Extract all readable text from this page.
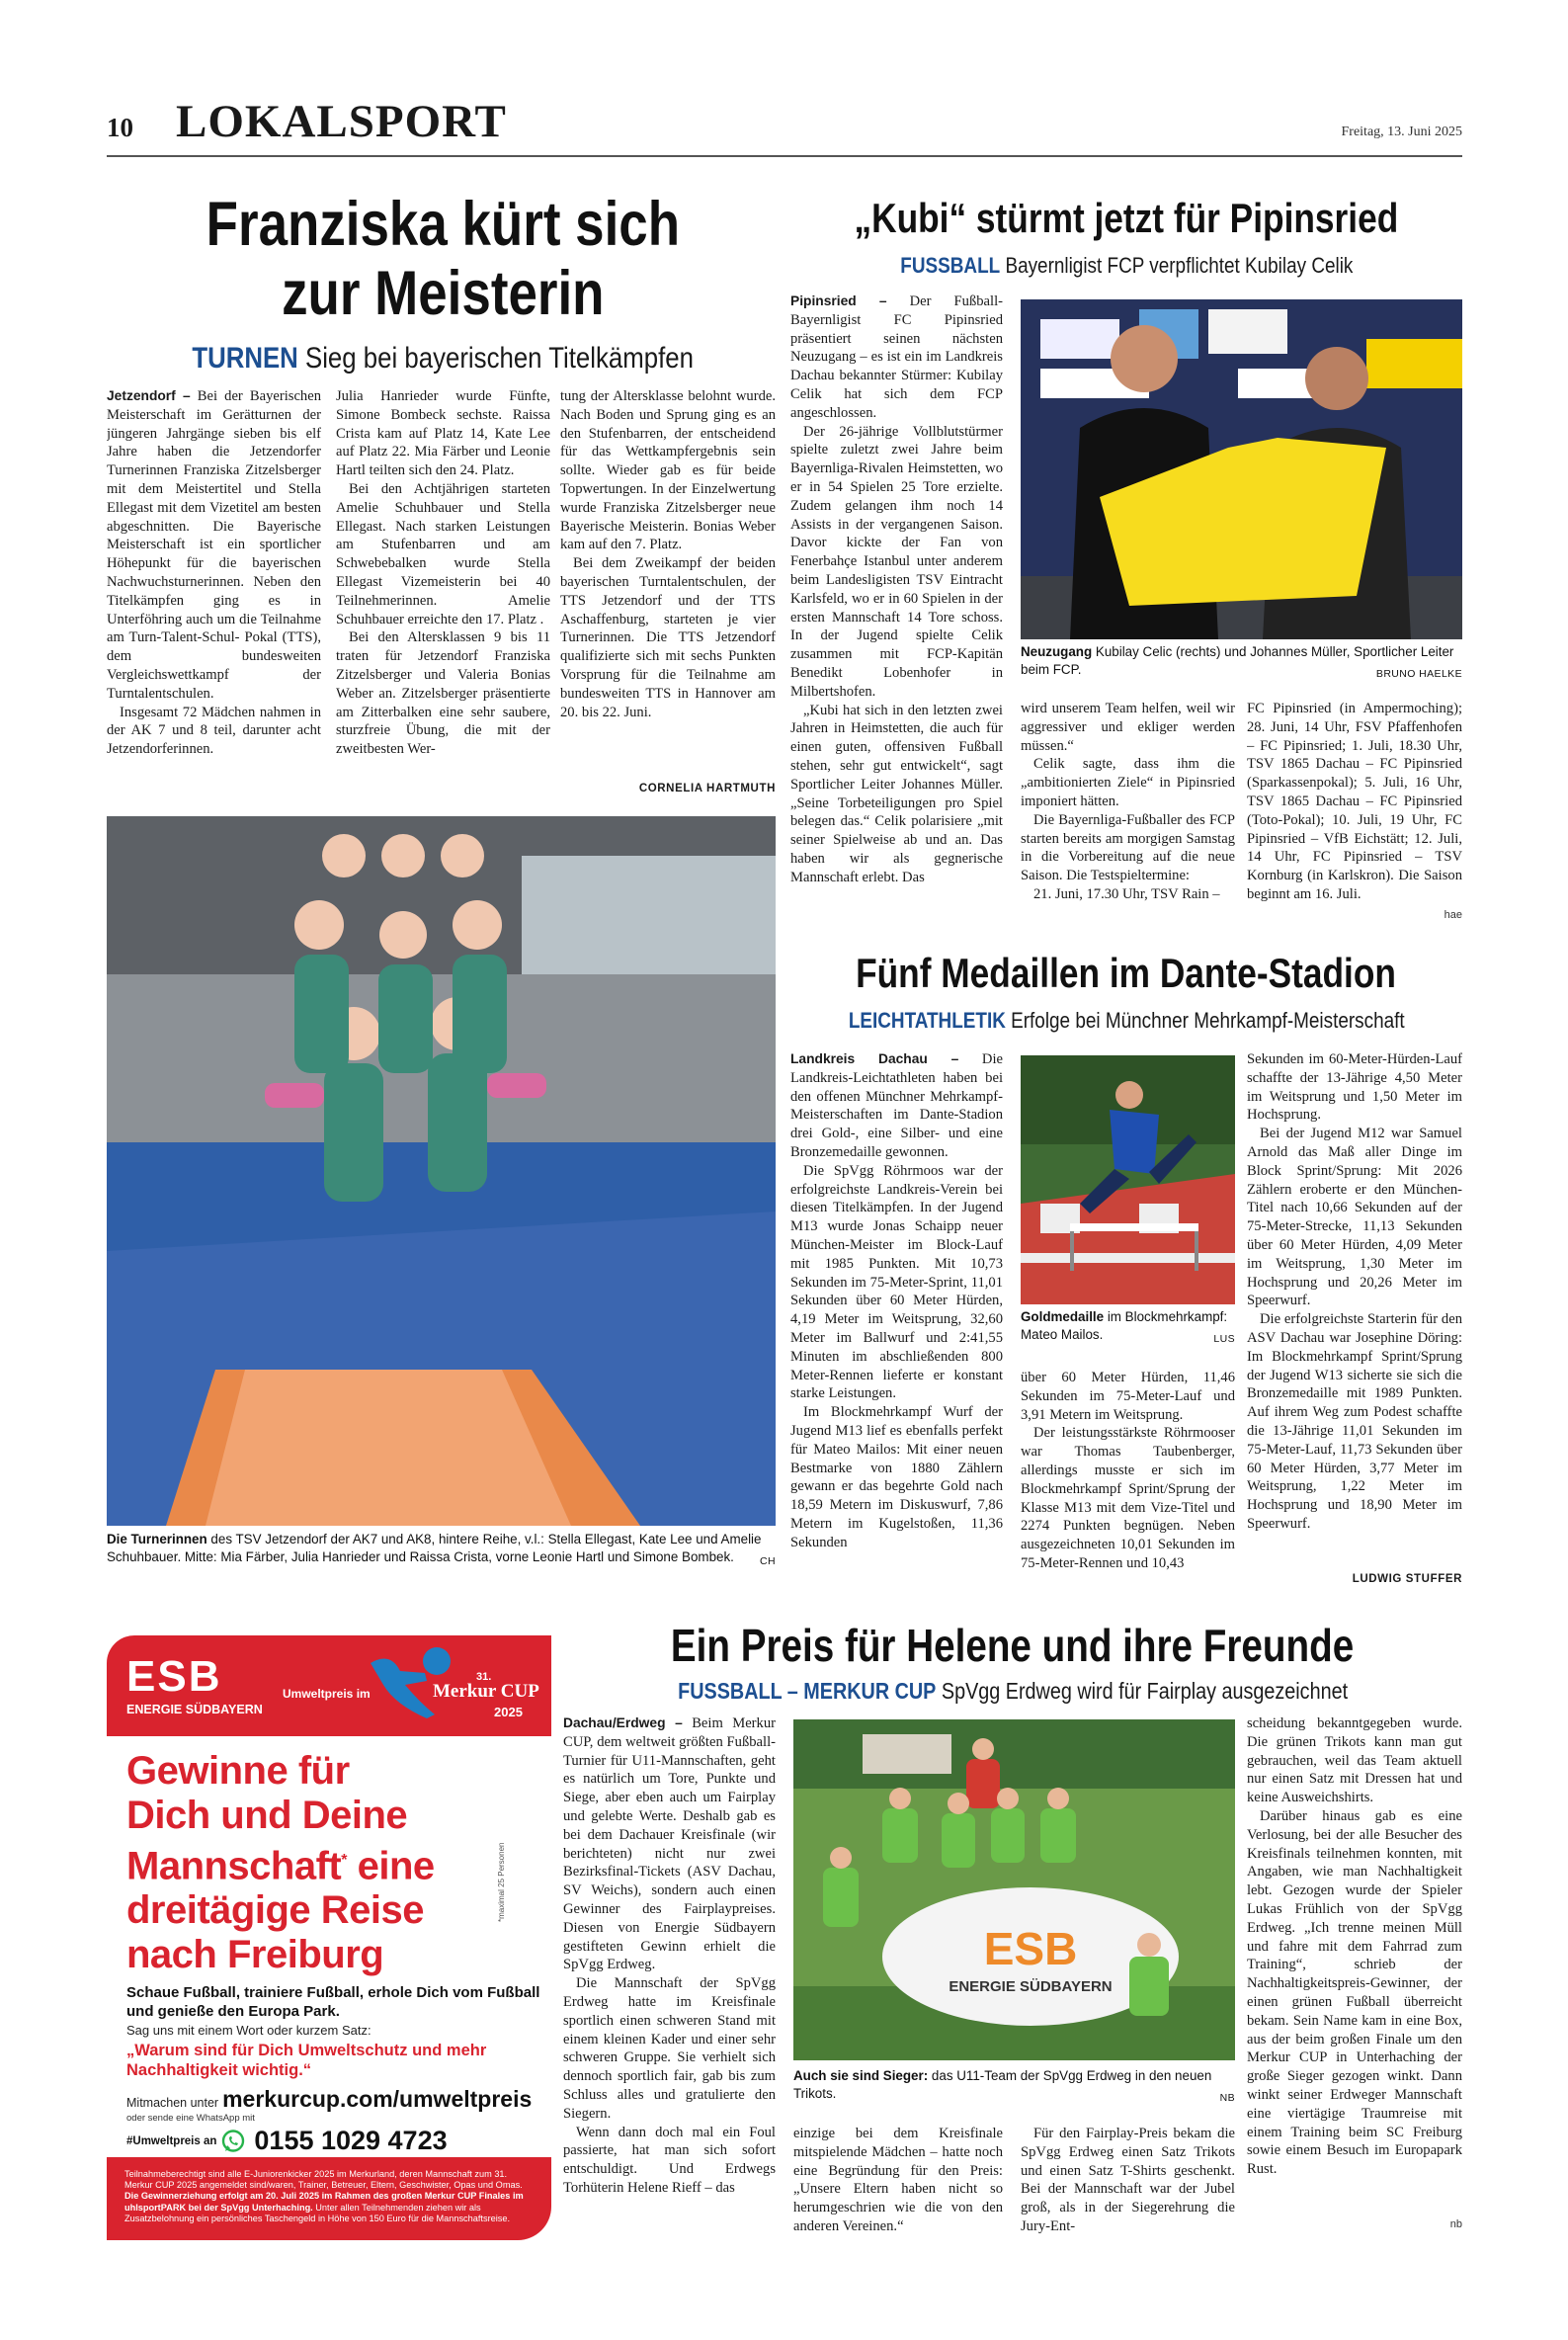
10 LOKALSPORT	Freitag, 13. Juni 2025
Franziska kürt sich
zur Meisterin
TURNEN Sieg bei bayerischen Titelkämpfen

Jetzendorf – Bei der Bayerischen Meisterschaft im Gerätturnen der jüngeren Jahrgänge sieben bis elf Jahre haben die Jetzendorfer Turnerinnen Franziska Zitzelsberger mit dem Meistertitel und Stella Ellegast mit dem Vizetitel am besten abgeschnitten. Die Bayerische Meisterschaft ist ein sportlicher Höhepunkt für die bayerischen Nachwuchsturnerinnen. Neben den Titelkämpfen ging es in Unterföhring auch um die Teilnahme am Turn-Talent-Schul- Pokal (TTS), dem bundesweiten Vergleichswettkampf der Turntalentschulen.

Insgesamt 72 Mädchen nahmen in der AK 7 und 8 teil, darunter acht Jetzendorferinnen.

Julia Hanrieder wurde Fünfte, Simone Bombeck sechste. Raissa Crista kam auf Platz 14, Kate Lee auf Platz 22. Mia Färber und Leonie Hartl teilten sich den 24. Platz.

Bei den Achtjährigen starteten Amelie Schuhbauer und Stella Ellegast. Nach starken Leistungen am Stufenbarren und am Schwebebalken wurde Stella Ellegast Vizemeisterin bei 40 Teilnehmerinnen. Amelie Schuhbauer erreichte den 17. Platz .

Bei den Altersklassen 9 bis 11 traten für Jetzendorf Franziska Zitzelsberger und Valeria Bonias Weber an. Zitzelsberger präsentierte am Zitterbalken eine sehr saubere, sturzfreie Übung, die mit der zweitbesten Wer-

tung der Altersklasse belohnt wurde. Nach Boden und Sprung ging es an den Stufenbarren, der entscheidend für das Wettkampfergebnis sein sollte. Wieder gab es für beide Topwertungen. In der Einzelwertung wurde Franziska Zitzelsberger neue Bayerische Meisterin. Bonias Weber kam auf den 7. Platz.

Bei dem Zweikampf der beiden bayerischen Turntalentschulen, der TTS Jetzendorf und der TTS Aschaffenburg, starteten je vier Turnerinnen. Die TTS Jetzendorf qualifizierte sich mit sechs Punkten Vorsprung für die Teilnahme am bundesweiten TTS in Hannover am 20. bis 22. Juni.

CORNELIA HARTMUTH
Die Turnerinnen des TSV Jetzendorf der AK7 und AK8, hintere Reihe, v.l.: Stella Ellegast, Kate Lee und Amelie Schuhbauer. Mitte: Mia Färber, Julia Hanrieder und Raissa Crista, vorne Leonie Hartl und Simone Bombek. CH
„Kubi“ stürmt jetzt für Pipinsried
FUSSBALL Bayernligist FCP verpflichtet Kubilay Celik

Pipinsried – Der Fußball-Bayernligist FC Pipinsried präsentiert seinen nächsten Neuzugang – es ist ein im Landkreis Dachau bekannter Stürmer: Kubilay Celik hat sich dem FCP angeschlossen.

Der 26-jährige Vollblutstürmer spielte zuletzt zwei Jahre beim Bayernliga-Rivalen Heimstetten, wo er in 54 Spielen 25 Tore erzielte. Zudem gelangen ihm noch 14 Assists in der vergangenen Saison. Davor kickte der Fan von Fenerbahçe Istanbul unter anderem beim Landesligisten TSV Eintracht Karlsfeld, wo er in 60 Spielen in der ersten Mannschaft 14 Tore schoss. In der Jugend spielte Celik zusammen mit FCP-Kapitän Benedikt Lobenhofer in Milbertshofen.

„Kubi hat sich in den letzten zwei Jahren in Heimstetten, die auch für einen guten, offensiven Fußball stehen, sehr gut entwickelt“, sagt Sportlicher Leiter Johannes Müller. „Seine Torbeteiligungen pro Spiel belegen das.“ Celik polarisiere „mit seiner Spielweise ab und an. Das haben wir als gegnerische Mannschaft erlebt. Das

Neuzugang Kubilay Celic (rechts) und Johannes Müller, Sportlicher Leiter beim FCP.	BRUNO HAELKE

wird unserem Team helfen, weil wir aggressiver und ekliger werden müssen.“

Celik sagte, dass ihm die „ambitionierten Ziele“ in Pipinsried imponiert hätten.

Die Bayernliga-Fußballer des FCP starten bereits am morgigen Samstag in die Vorbereitung auf die neue Saison. Die Testspieltermine:

21. Juni, 17.30 Uhr, TSV Rain –

FC Pipinsried (in Ampermoching); 28. Juni, 14 Uhr, FSV Pfaffenhofen – FC Pipinsried; 1. Juli, 18.30 Uhr, TSV 1865 Dachau – FC Pipinsried (Sparkassenpokal); 5. Juli, 16 Uhr, TSV 1865 Dachau – FC Pipinsried (Toto-Pokal); 10. Juli, 19 Uhr, FC Pipinsried – VfB Eichstätt; 12. Juli, 14 Uhr, FC Pipinsried – TSV Kornburg (in Karlskron). Die Saison beginnt am 16. Juli.

hae
Fünf Medaillen im Dante-Stadion
LEICHTATHLETIK Erfolge bei Münchner Mehrkampf-Meisterschaft

Landkreis Dachau – Die Landkreis-Leichtathleten haben bei den offenen Münchner Mehrkampf-Meisterschaften im Dante-Stadion drei Gold-, eine Silber- und eine Bronzemedaille gewonnen.

Die SpVgg Röhrmoos war der erfolgreichste Landkreis-Verein bei diesen Titelkämpfen. In der Jugend M13 wurde Jonas Schaipp neuer München-Meister im Block-Lauf mit 1985 Punkten. Mit 10,73 Sekunden im 75-Meter-Sprint, 11,01 Sekunden über 60 Meter Hürden, 4,19 Meter im Weitsprung, 32,60 Meter im Ballwurf und 2:41,55 Minuten im abschließenden 800 Meter-Rennen lieferte er konstant starke Leistungen.

Im Blockmehrkampf Wurf der Jugend M13 lief es ebenfalls perfekt für Mateo Mailos: Mit einer neuen Bestmarke von 1880 Zählern gewann er das begehrte Gold nach 18,59 Metern im Diskuswurf, 7,86 Metern im Kugelstoßen, 11,36 Sekunden

Goldmedaille im Blockmehrkampf: Mateo Mailos.	LUS

über 60 Meter Hürden, 11,46 Sekunden im 75-Meter-Lauf und 3,91 Metern im Weitsprung.

Der leistungsstärkste Röhrmooser war Thomas Taubenberger, allerdings musste er sich im Blockmehrkampf Sprint/Sprung der Klasse M13 mit dem Vize-Titel und 2274 Punkten begnügen. Neben ausgezeichneten 10,01 Sekunden im 75-Meter-Rennen und 10,43

Sekunden im 60-Meter-Hürden-Lauf schaffte der 13-Jährige 4,50 Meter im Weitsprung und 1,50 Meter im Hochsprung.

Bei der Jugend M12 war Samuel Arnold das Maß aller Dinge im Block Sprint/Sprung: Mit 2026 Zählern eroberte er den München-Titel nach 10,66 Sekunden auf der 75-Meter-Strecke, 11,13 Sekunden über 60 Meter Hürden, 4,09 Meter im Weitsprung, 1,30 Meter im Hochsprung und 20,26 Meter im Speerwurf.

Die erfolgreichste Starterin für den ASV Dachau war Josephine Döring: Im Blockmehrkampf Sprint/Sprung der Jugend W13 sicherte sie sich die Bronzemedaille mit 1989 Punkten. Auf ihrem Weg zum Podest schaffte die 13-Jährige 11,01 Sekunden im 75-Meter-Lauf, 11,73 Sekunden über 60 Meter Hürden, 3,77 Meter im Weitsprung, 1,22 Meter im Hochsprung und 18,90 Meter im Speerwurf.

LUDWIG STUFFER
ESB
ENERGIE SÜDBAYERN
Umweltpreis im
31.
Merkur CUP
2025
Gewinne für
Dich und Deine
Mannschaft* eine
dreitägige Reise
nach Freiburg
*maximal 25 Personen
Schaue Fußball, trainiere Fußball, erhole Dich vom Fußball und genieße den Europa Park.
Sag uns mit einem Wort oder kurzem Satz:
„Warum sind für Dich Umweltschutz und mehr Nachhaltigkeit wichtig.“
Mitmachen unter merkurcup.com/umweltpreis
oder sende eine WhatsApp mit
#Umweltpreis an 0155 1029 4723
Teilnahmeberechtigt sind alle E-Juniorenkicker 2025 im Merkurland, deren Mannschaft zum 31. Merkur CUP 2025 angemeldet sind/waren, Trainer, Betreuer, Eltern, Geschwister, Opas und Omas. Die Gewinnerziehung erfolgt am 20. Juli 2025 im Rahmen des großen Merkur CUP Finales im uhlsportPARK bei der SpVgg Unterhaching. Unter allen Teilnehmenden ziehen wir als Zusatzbelohnung ein persönliches Taschengeld in Höhe von 150 Euro für die Mannschaftsreise.
Ein Preis für Helene und ihre Freunde
FUSSBALL – MERKUR CUP SpVgg Erdweg wird für Fairplay ausgezeichnet

Dachau/Erdweg – Beim Merkur CUP, dem weltweit größten Fußball-Turnier für U11-Mannschaften, geht es natürlich um Tore, Punkte und Siege, aber eben auch um Fairplay und gelebte Werte. Deshalb gab es bei dem Dachauer Kreisfinale (wir berichteten) nicht nur zwei Bezirksfinal-Tickets (ASV Dachau, SV Weichs), sondern auch einen Gewinner des Fairplaypreises. Diesen von Energie Südbayern gestifteten Gewinn erhielt die SpVgg Erdweg.

Die Mannschaft der SpVgg Erdweg hatte im Kreisfinale sportlich einen schweren Stand mit einem kleinen Kader und einer sehr schweren Gruppe. Sie verhielt sich dennoch sportlich fair, gab bis zum Schluss alles und gratulierte den Siegern.

Wenn dann doch mal ein Foul passierte, hat man sich sofort entschuldigt. Und Erdwegs Torhüterin Helene Rieff – das

ESB
ENERGIE SÜDBAYERN
Auch sie sind Sieger: das U11-Team der SpVgg Erdweg in den neuen Trikots.	NB

einzige bei dem Kreisfinale mitspielende Mädchen – hatte noch eine Begründung für den Preis: „Unsere Eltern haben nicht so herumgeschrien wie die von den anderen Vereinen.“

Für den Fairplay-Preis bekam die SpVgg Erdweg einen Satz Trikots und einen Satz T-Shirts geschenkt. Bei der Mannschaft war der Jubel groß, als in der Siegerehrung die Jury-Ent-

scheidung bekanntgegeben wurde. Die grünen Trikots kann man gut gebrauchen, weil das Team aktuell nur einen Satz mit Dressen hat und keine Ausweichshirts.

Darüber hinaus gab es eine Verlosung, bei der alle Besucher des Kreisfinals teilnehmen konnten, mit Angaben, wie man Nachhaltigkeit lebt. Gezogen wurde der Spieler Lukas Frühlich von der SpVgg Erdweg. „Ich trenne meinen Müll und fahre mit dem Fahrrad zum Training“, schrieb der Nachhaltigkeitspreis-Gewinner, der einen grünen Fußball überreicht bekam. Sein Name kam in eine Box, aus der beim großen Finale um den Merkur CUP in Unterhaching der große Sieger gezogen winkt. Dann winkt seiner Erdweger Mannschaft eine viertägige Traumreise mit einem Training beim SC Freiburg sowie einem Besuch im Europapark Rust.

nb
